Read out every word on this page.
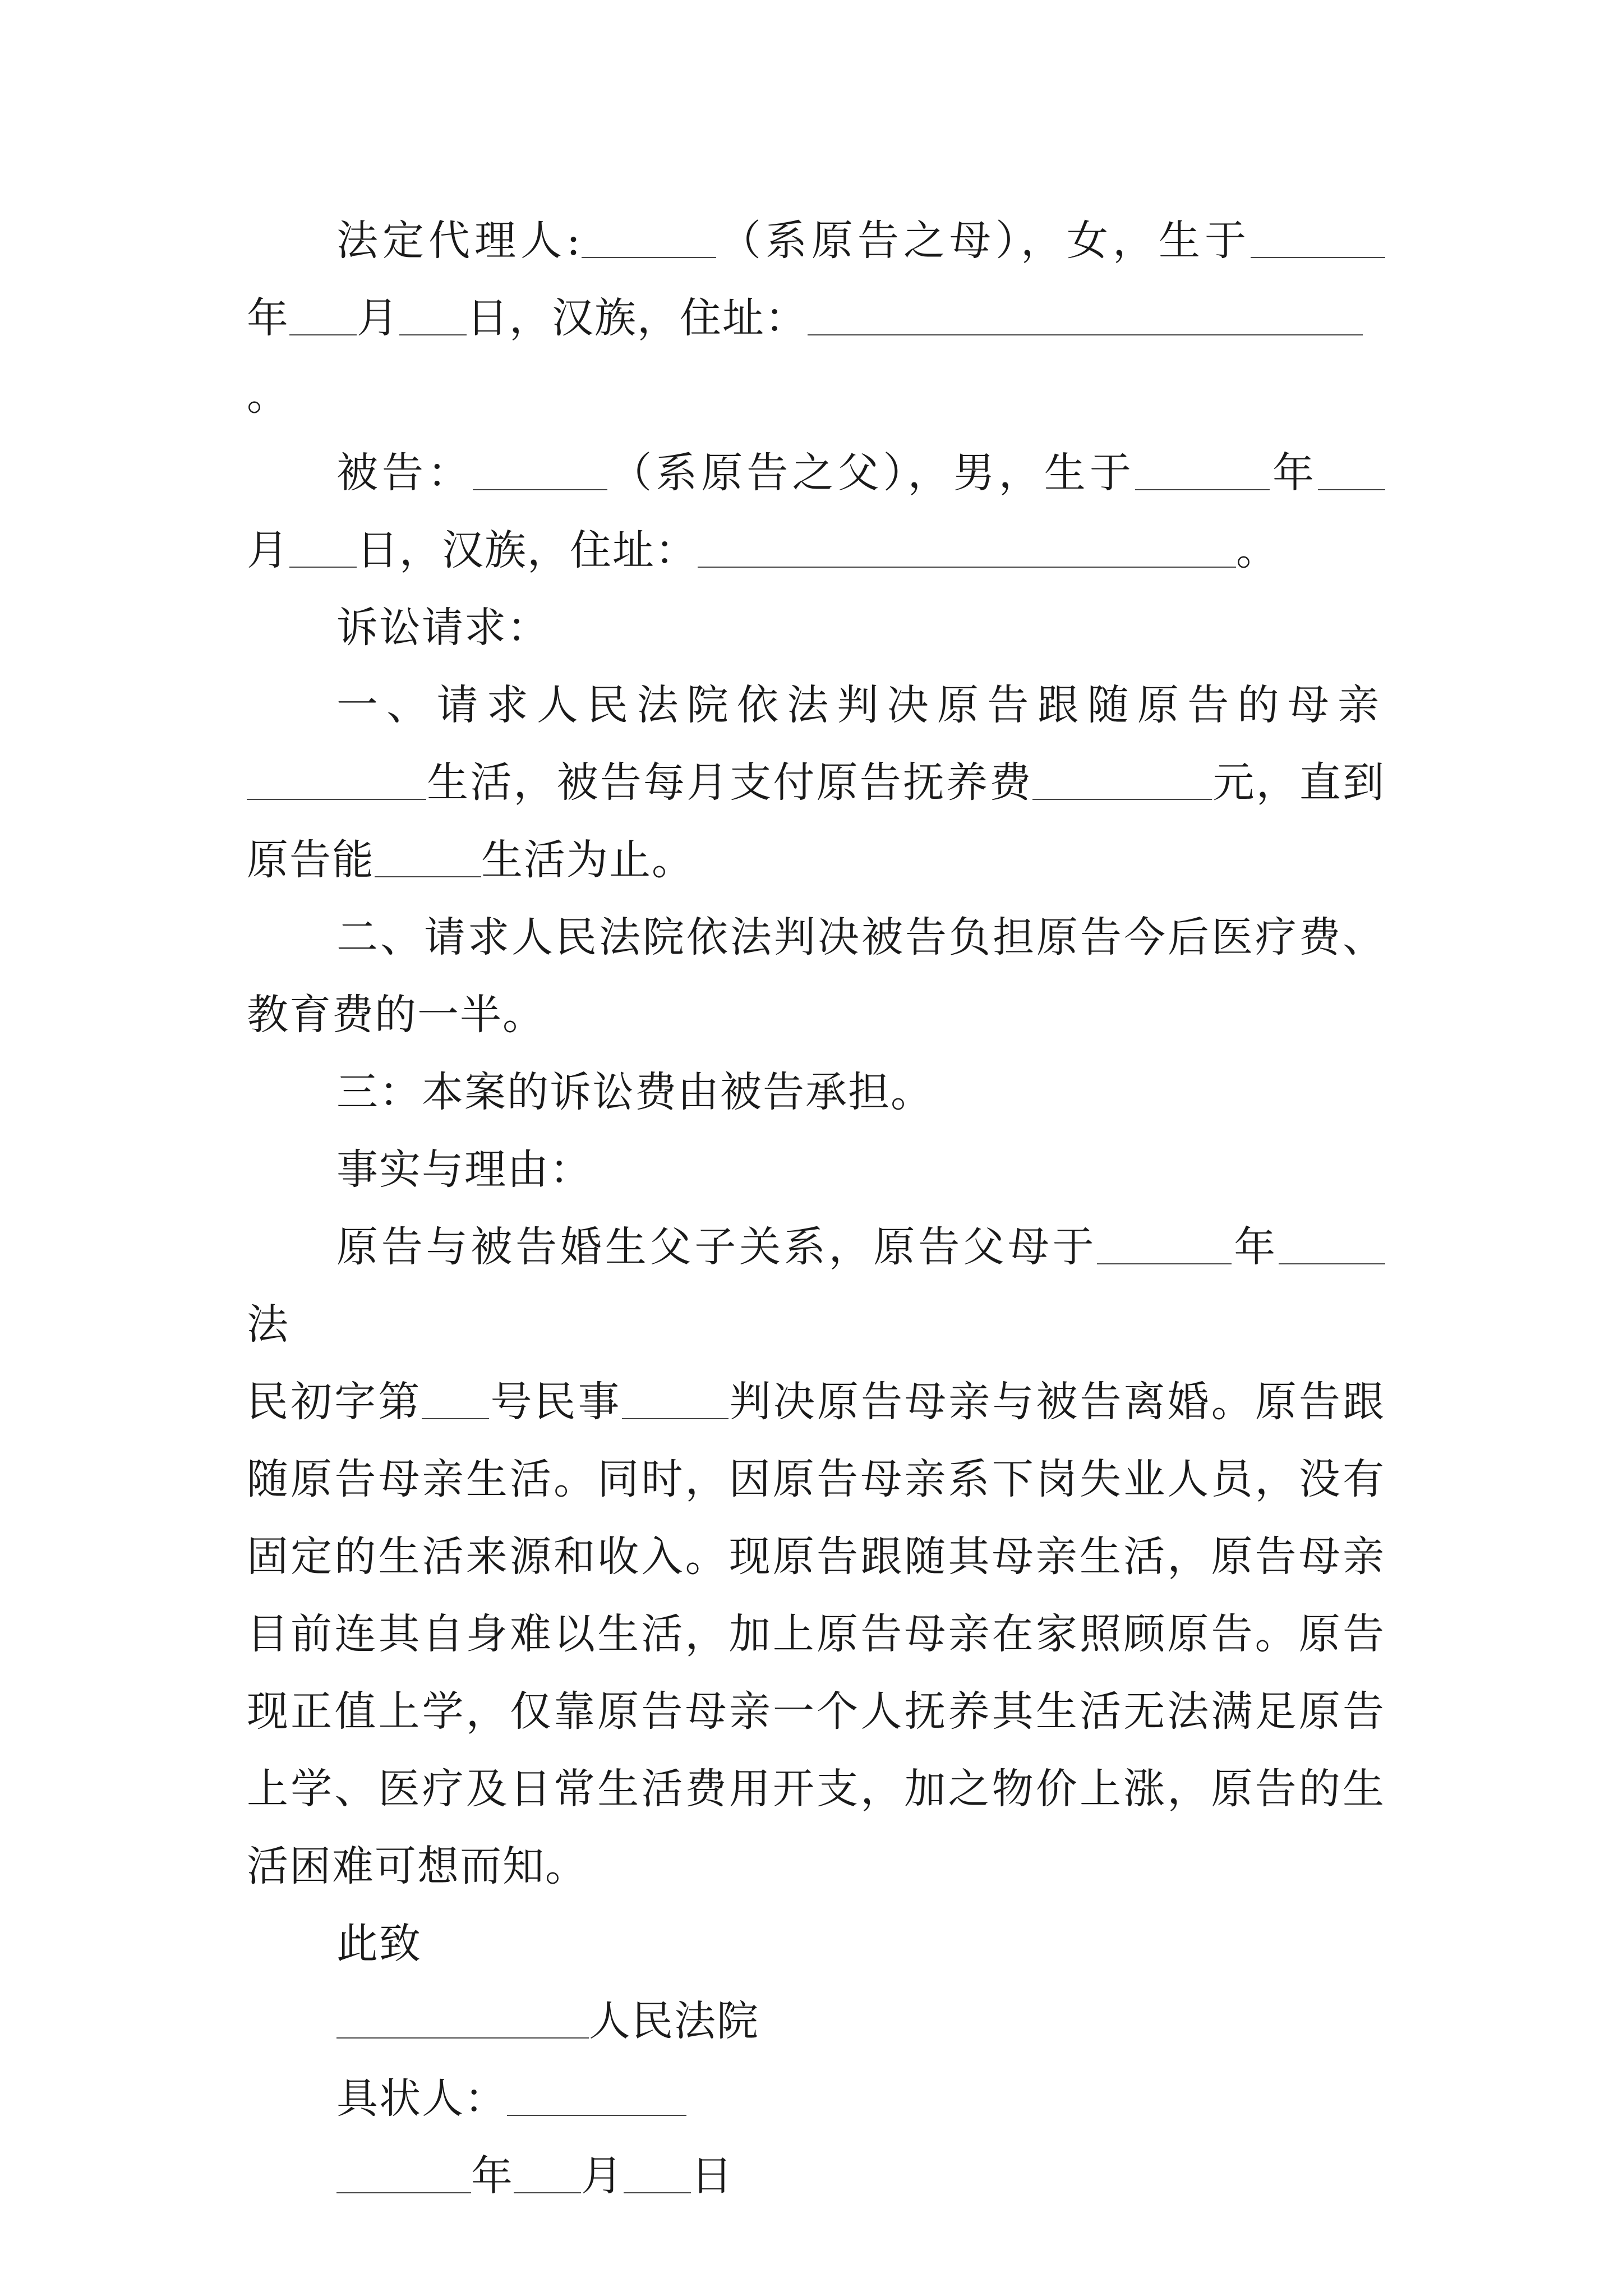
法定代理人:	（系原告之母），女，生于

年 月 日，汉族，住址：。

被告：	（系原告之父），男，生于	年

月 日，汉族，住址：	。

诉讼请求：

一、请求人民法院依法判决原告跟随原告的母亲

生活，被告每月支付原告抚养费	元，直到

原告能	生活为止。

二、请求人民法院依法判决被告负担原告今后医疗费、

教育费的一半。

三：本案的诉讼费由被告承担。

事实与理由：

原告与被告婚生父子关系，原告父母于	年法

民初字第 号民事	判决原告母亲与被告离婚。原告跟

随原告母亲生活。同时，因原告母亲系下岗失业人员，没有固定的生活来源和收入。现原告跟随其母亲生活，原告母亲目前连其自身难以生活，加上原告母亲在家照顾原告。原告现正值上学，仅靠原告母亲一个人抚养其生活无法满足原告上学、医疗及日常生活费用开支，加之物价上涨，原告的生活困难可想而知。

此致

人民法院

具状人：

年 月 日
